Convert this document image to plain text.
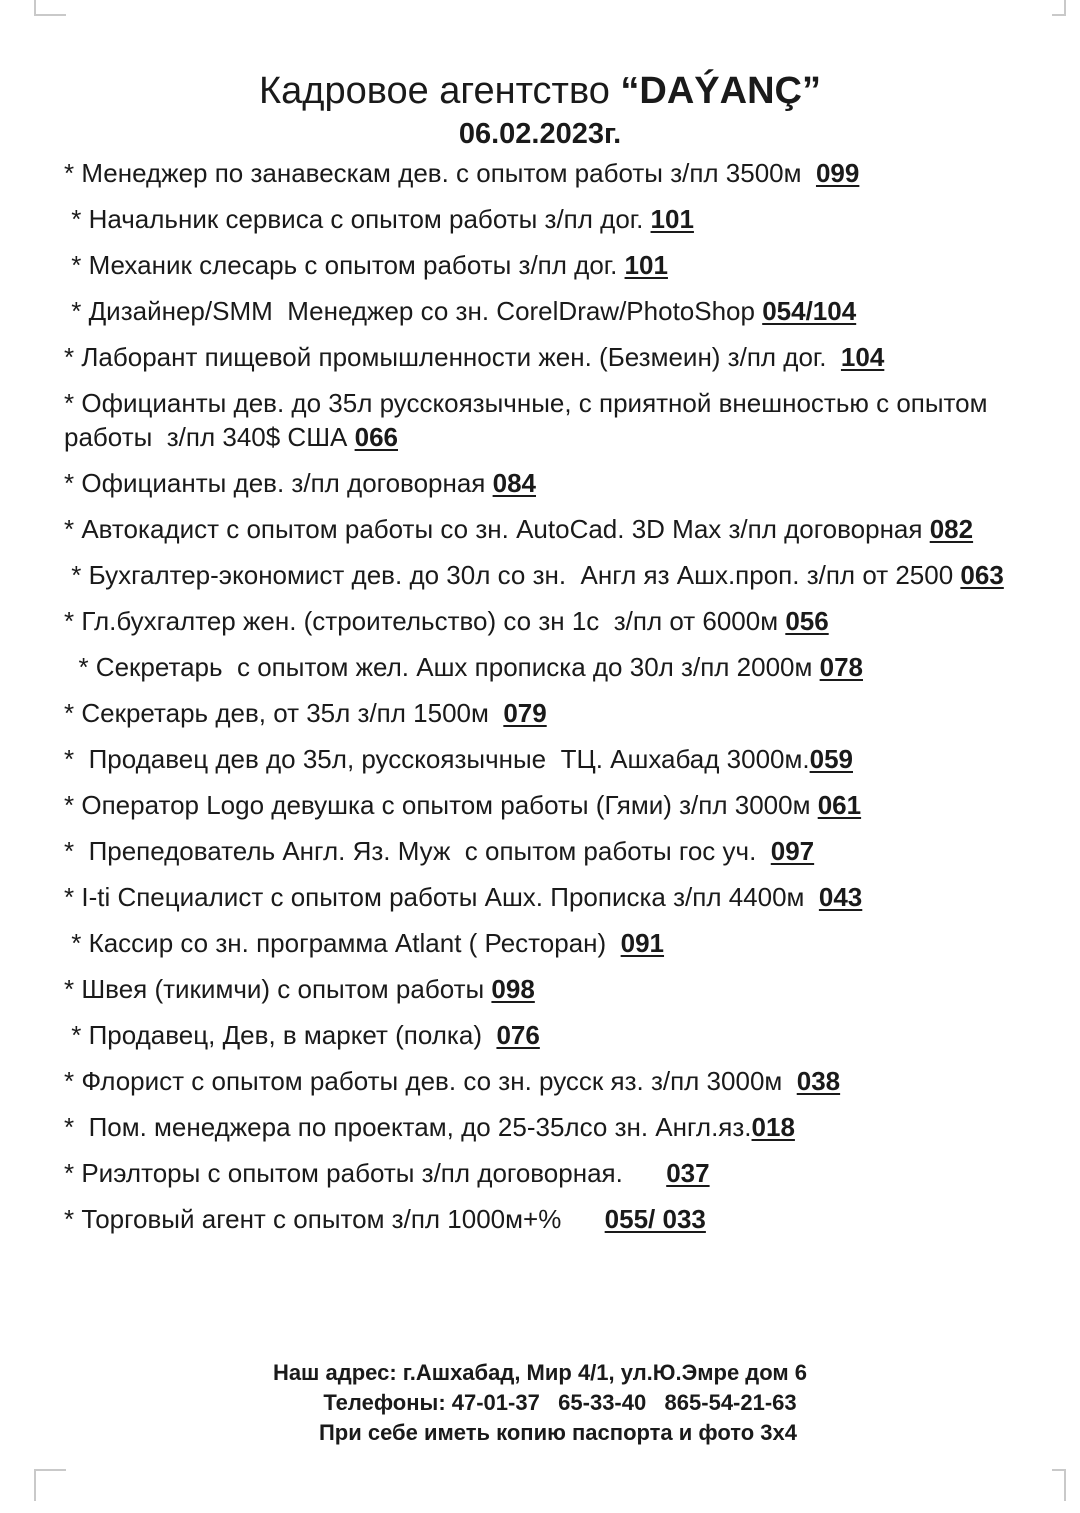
Кадровое агентство “DAÝANÇ”
06.02.2023г.

* Менеджер по занавескам дев. с опытом работы з/пл 3500м  099

* Начальник сервиса с опытом работы з/пл дог. 101

* Механик слесарь с опытом работы з/пл дог. 101

* Дизайнер/SMM  Менеджер со зн. CorelDraw/PhotoShop 054/104

* Лаборант пищевой промышленности жен. (Безмеин) з/пл дог.  104

* Официанты дев. до 35л русскоязычные, с приятной внешностью с опытом работы  з/пл 340$ США 066

* Официанты дев. з/пл договорная 084

* Автокадист с опытом работы со зн. AutoCad. 3D Max з/пл договорная 082

* Бухгалтер-экономист дев. до 30л со зн.  Англ яз Ашх.проп. з/пл от 2500 063

* Гл.бухгалтер жен. (строительство) со зн 1с  з/пл от 6000м 056

* Секретарь  с опытом жел. Ашх прописка до 30л з/пл 2000м 078

* Секретарь дев, от 35л з/пл 1500м  079

*  Продавец дев до 35л, русскоязычные  ТЦ. Ашхабад 3000м.059

* Оператор Logo девушка с опытом работы (Гями) з/пл 3000м 061

*  Препедователь Англ. Яз. Муж  с опытом работы гос уч.  097

* I-ti Специалист с опытом работы Ашх. Прописка з/пл 4400м  043

* Кассир со зн. программа Atlant ( Ресторан)  091

* Швея (тикимчи) с опытом работы 098

* Продавец, Дев, в маркет (полка)  076

* Флорист с опытом работы дев. со зн. русск яз. з/пл 3000м  038

*  Пом. менеджера по проектам, до 25-35лсо зн. Англ.яз.018

* Риэлторы с опытом работы з/пл договорная.      037

* Торговый агент с опытом з/пл 1000м+%      055/ 033

Наш адрес: г.Ашхабад, Мир 4/1, ул.Ю.Эмре дом 6
Телефоны: 47-01-37   65-33-40   865-54-21-63
При себе иметь копию паспорта и фото 3х4
